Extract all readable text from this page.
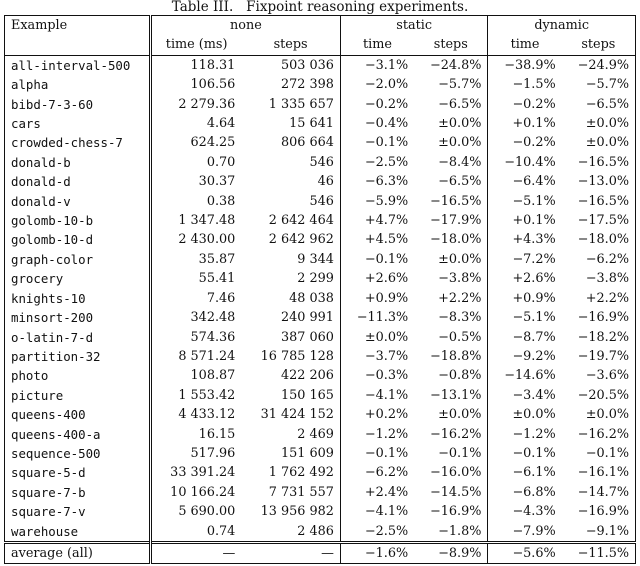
Table III.   Fixpoint reasoning experiments.
Example	none		static		dynamic	
	time (ms)	steps	time	steps	time	steps
all-interval-500	118.31	503 036	−3.1%	−24.8%	−38.9%	−24.9%
alpha	106.56	272 398	−2.0%	−5.7%	−1.5%	−5.7%
bibd-7-3-60	2 279.36	1 335 657	−0.2%	−6.5%	−0.2%	−6.5%
cars	4.64	15 641	−0.4%	±0.0%	+0.1%	±0.0%
crowded-chess-7	624.25	806 664	−0.1%	±0.0%	−0.2%	±0.0%
donald-b	0.70	546	−2.5%	−8.4%	−10.4%	−16.5%
donald-d	30.37	46	−6.3%	−6.5%	−6.4%	−13.0%
donald-v	0.38	546	−5.9%	−16.5%	−5.1%	−16.5%
golomb-10-b	1 347.48	2 642 464	+4.7%	−17.9%	+0.1%	−17.5%
golomb-10-d	2 430.00	2 642 962	+4.5%	−18.0%	+4.3%	−18.0%
graph-color	35.87	9 344	−0.1%	±0.0%	−7.2%	−6.2%
grocery	55.41	2 299	+2.6%	−3.8%	+2.6%	−3.8%
knights-10	7.46	48 038	+0.9%	+2.2%	+0.9%	+2.2%
minsort-200	342.48	240 991	−11.3%	−8.3%	−5.1%	−16.9%
o-latin-7-d	574.36	387 060	±0.0%	−0.5%	−8.7%	−18.2%
partition-32	8 571.24	16 785 128	−3.7%	−18.8%	−9.2%	−19.7%
photo	108.87	422 206	−0.3%	−0.8%	−14.6%	−3.6%
picture	1 553.42	150 165	−4.1%	−13.1%	−3.4%	−20.5%
queens-400	4 433.12	31 424 152	+0.2%	±0.0%	±0.0%	±0.0%
queens-400-a	16.15	2 469	−1.2%	−16.2%	−1.2%	−16.2%
sequence-500	517.96	151 609	−0.1%	−0.1%	−0.1%	−0.1%
square-5-d	33 391.24	1 762 492	−6.2%	−16.0%	−6.1%	−16.1%
square-7-b	10 166.24	7 731 557	+2.4%	−14.5%	−6.8%	−14.7%
square-7-v	5 690.00	13 956 982	−4.1%	−16.9%	−4.3%	−16.9%
warehouse	0.74	2 486	−2.5%	−1.8%	−7.9%	−9.1%
average (all)	—	—	−1.6%	−8.9%	−5.6%	−11.5%
